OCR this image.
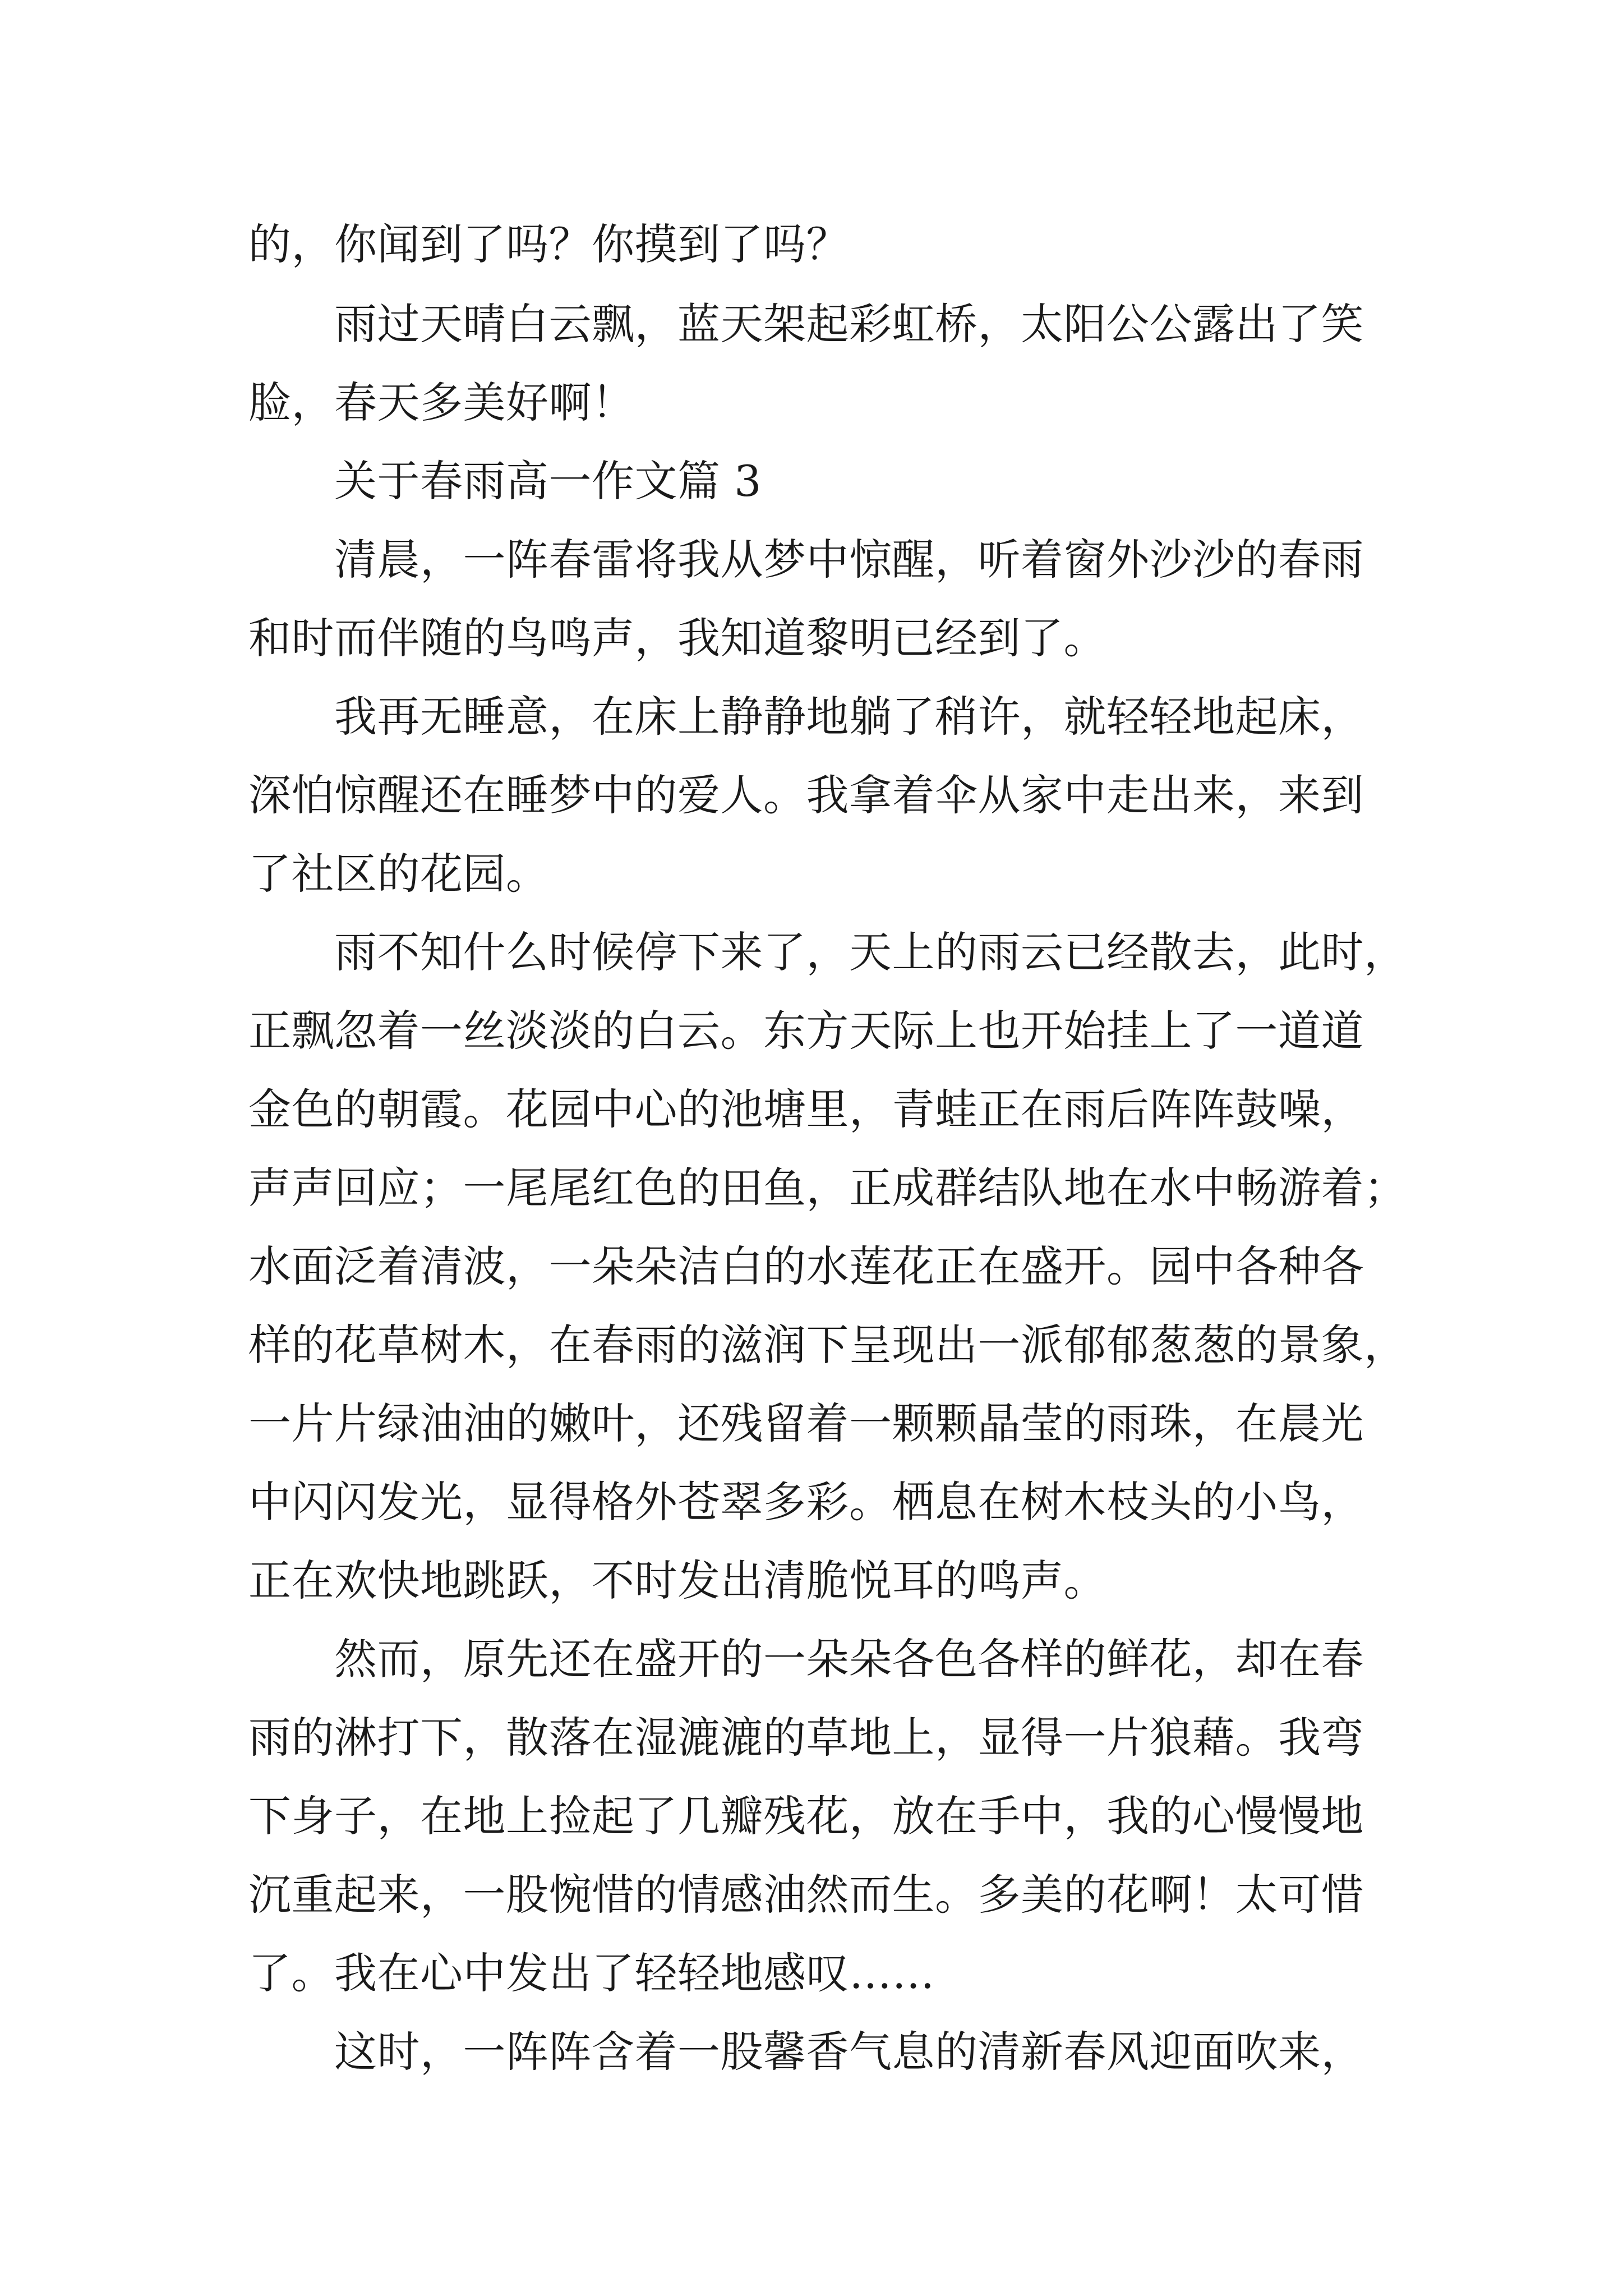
的，你闻到了吗？你摸到了吗？
雨过天晴白云飘，蓝天架起彩虹桥，太阳公公露出了笑
脸，春天多美好啊！
关于春雨高一作文篇 3
清晨，一阵春雷将我从梦中惊醒，听着窗外沙沙的春雨
和时而伴随的鸟鸣声，我知道黎明已经到了。
我再无睡意，在床上静静地躺了稍许，就轻轻地起床，
深怕惊醒还在睡梦中的爱人。我拿着伞从家中走出来，来到
了社区的花园。
雨不知什么时候停下来了，天上的雨云已经散去，此时，
正飘忽着一丝淡淡的白云。东方天际上也开始挂上了一道道
金色的朝霞。花园中心的池塘里，青蛙正在雨后阵阵鼓噪，
声声回应；一尾尾红色的田鱼，正成群结队地在水中畅游着；
水面泛着清波，一朵朵洁白的水莲花正在盛开。园中各种各
样的花草树木，在春雨的滋润下呈现出一派郁郁葱葱的景象，
一片片绿油油的嫩叶，还残留着一颗颗晶莹的雨珠，在晨光
中闪闪发光，显得格外苍翠多彩。栖息在树木枝头的小鸟，
正在欢快地跳跃，不时发出清脆悦耳的鸣声。
然而，原先还在盛开的一朵朵各色各样的鲜花，却在春
雨的淋打下，散落在湿漉漉的草地上，显得一片狼藉。我弯
下身子，在地上捡起了几瓣残花，放在手中，我的心慢慢地
沉重起来，一股惋惜的情感油然而生。多美的花啊！太可惜
了。我在心中发出了轻轻地感叹……
这时，一阵阵含着一股馨香气息的清新春风迎面吹来，
